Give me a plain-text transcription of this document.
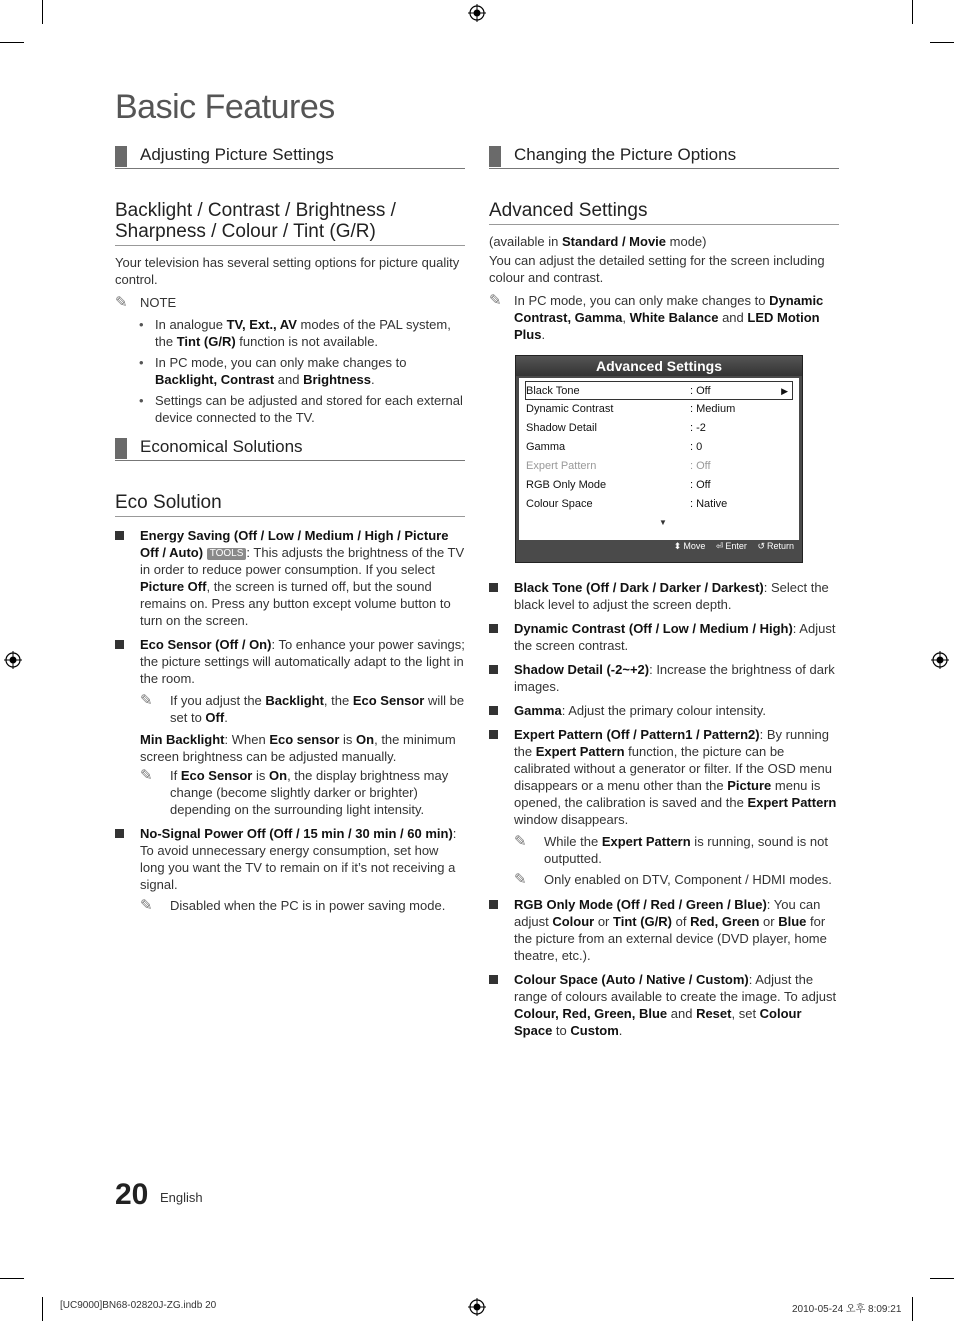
Basic Features
Adjusting Picture Settings
Backlight / Contrast / Brightness /
Sharpness / Colour / Tint (G/R)

Your television has several setting options for picture quality control.

✎ NOTE
• In analogue TV, Ext., AV modes of the PAL system, the Tint (G/R) function is not available.
• In PC mode, you can only make changes to Backlight, Contrast and Brightness.
• Settings can be adjusted and stored for each external device connected to the TV.
Economical Solutions
Eco Solution
Energy Saving (Off / Low / Medium / High / Picture Off / Auto) TOOLS : This adjusts the brightness of the TV in order to reduce power consumption. If you select Picture Off, the screen is turned off, but the sound remains on. Press any button except volume button to turn on the screen.
Eco Sensor (Off / On): To enhance your power savings; the picture settings will automatically adapt to the light in the room.
✎ If you adjust the Backlight, the Eco Sensor will be set to Off.
Min Backlight: When Eco sensor is On, the minimum screen brightness can be adjusted manually.
✎ If Eco Sensor is On, the display brightness may change (become slightly darker or brighter) depending on the surrounding light intensity.
No-Signal Power Off (Off / 15 min / 30 min / 60 min): To avoid unnecessary energy consumption, set how long you want the TV to remain on if it’s not receiving a signal.
✎ Disabled when the PC is in power saving mode.
Changing the Picture Options
Advanced Settings

(available in Standard / Movie mode)

You can adjust the detailed setting for the screen including colour and contrast.

✎ In PC mode, you can only make changes to Dynamic Contrast, Gamma, White Balance and LED Motion Plus.
Advanced Settings
Black Tone	: Off	▶
Dynamic Contrast	: Medium
Shadow Detail	: -2
Gamma	: 0
Expert Pattern	: Off
RGB Only Mode	: Off
Colour Space	: Native
▼
⬍ Move ⏎ Enter ↺ Return
Black Tone (Off / Dark / Darker / Darkest): Select the black level to adjust the screen depth.
Dynamic Contrast (Off / Low / Medium / High): Adjust the screen contrast.
Shadow Detail (-2~+2): Increase the brightness of dark images.
Gamma: Adjust the primary colour intensity.
Expert Pattern (Off / Pattern1 / Pattern2): By running the Expert Pattern function, the picture can be calibrated without a generator or filter. If the OSD menu disappears or a menu other than the Picture menu is opened, the calibration is saved and the Expert Pattern window disappears.
✎ While the Expert Pattern is running, sound is not outputted.
✎ Only enabled on DTV, Component / HDMI modes.
RGB Only Mode (Off / Red / Green / Blue): You can adjust Colour or Tint (G/R) of Red, Green or Blue for the picture from an external device (DVD player, home theatre, etc.).
Colour Space (Auto / Native / Custom): Adjust the range of colours available to create the image. To adjust Colour, Red, Green, Blue and Reset, set Colour Space to Custom.
20 English
[UC9000]BN68-02820J-ZG.indb 20	2010-05-24 오후 8:09:21
